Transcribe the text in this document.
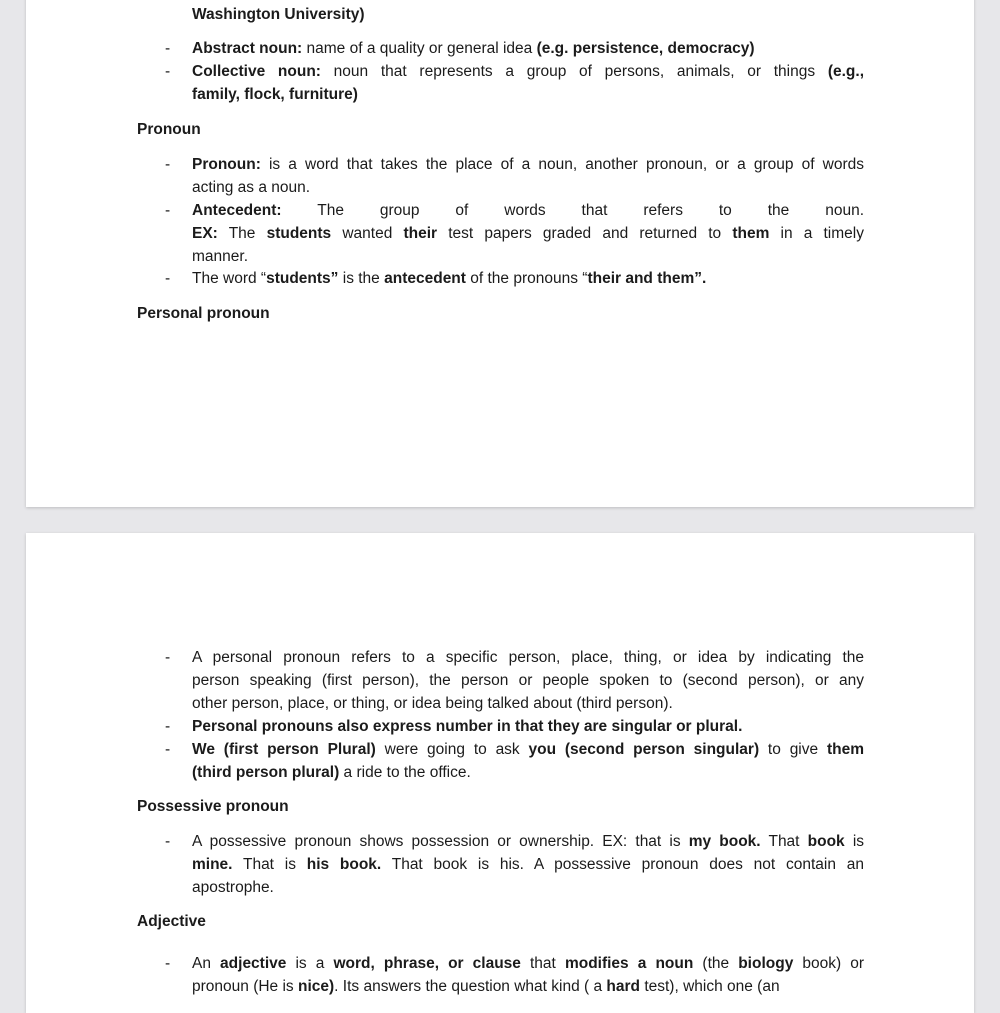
Washington University)
- Abstract noun: name of a quality or general idea (e.g. persistence, democracy)
- Collective noun: noun that represents a group of persons, animals, or things (e.g.,
family, flock, furniture)
Pronoun
- Pronoun: is a word that takes the place of a noun, another pronoun, or a group of words
acting as a noun.
- Antecedent: The group of words that refers to the noun.
EX: The students wanted their test papers graded and returned to them in a timely
manner.
- The word “students” is the antecedent of the pronouns “their and them”.
Personal pronoun
- A personal pronoun refers to a specific person, place, thing, or idea by indicating the
person speaking (first person), the person or people spoken to (second person), or any
other person, place, or thing, or idea being talked about (third person).
- Personal pronouns also express number in that they are singular or plural.
- We (first person Plural) were going to ask you (second person singular) to give them
(third person plural) a ride to the office.
Possessive pronoun
- A possessive pronoun shows possession or ownership. EX: that is my book. That book is
mine. That is his book. That book is his. A possessive pronoun does not contain an
apostrophe.
Adjective
- An adjective is a word, phrase, or clause that modifies a noun (the biology book) or
pronoun (He is nice). Its answers the question what kind ( a hard test), which one (an
